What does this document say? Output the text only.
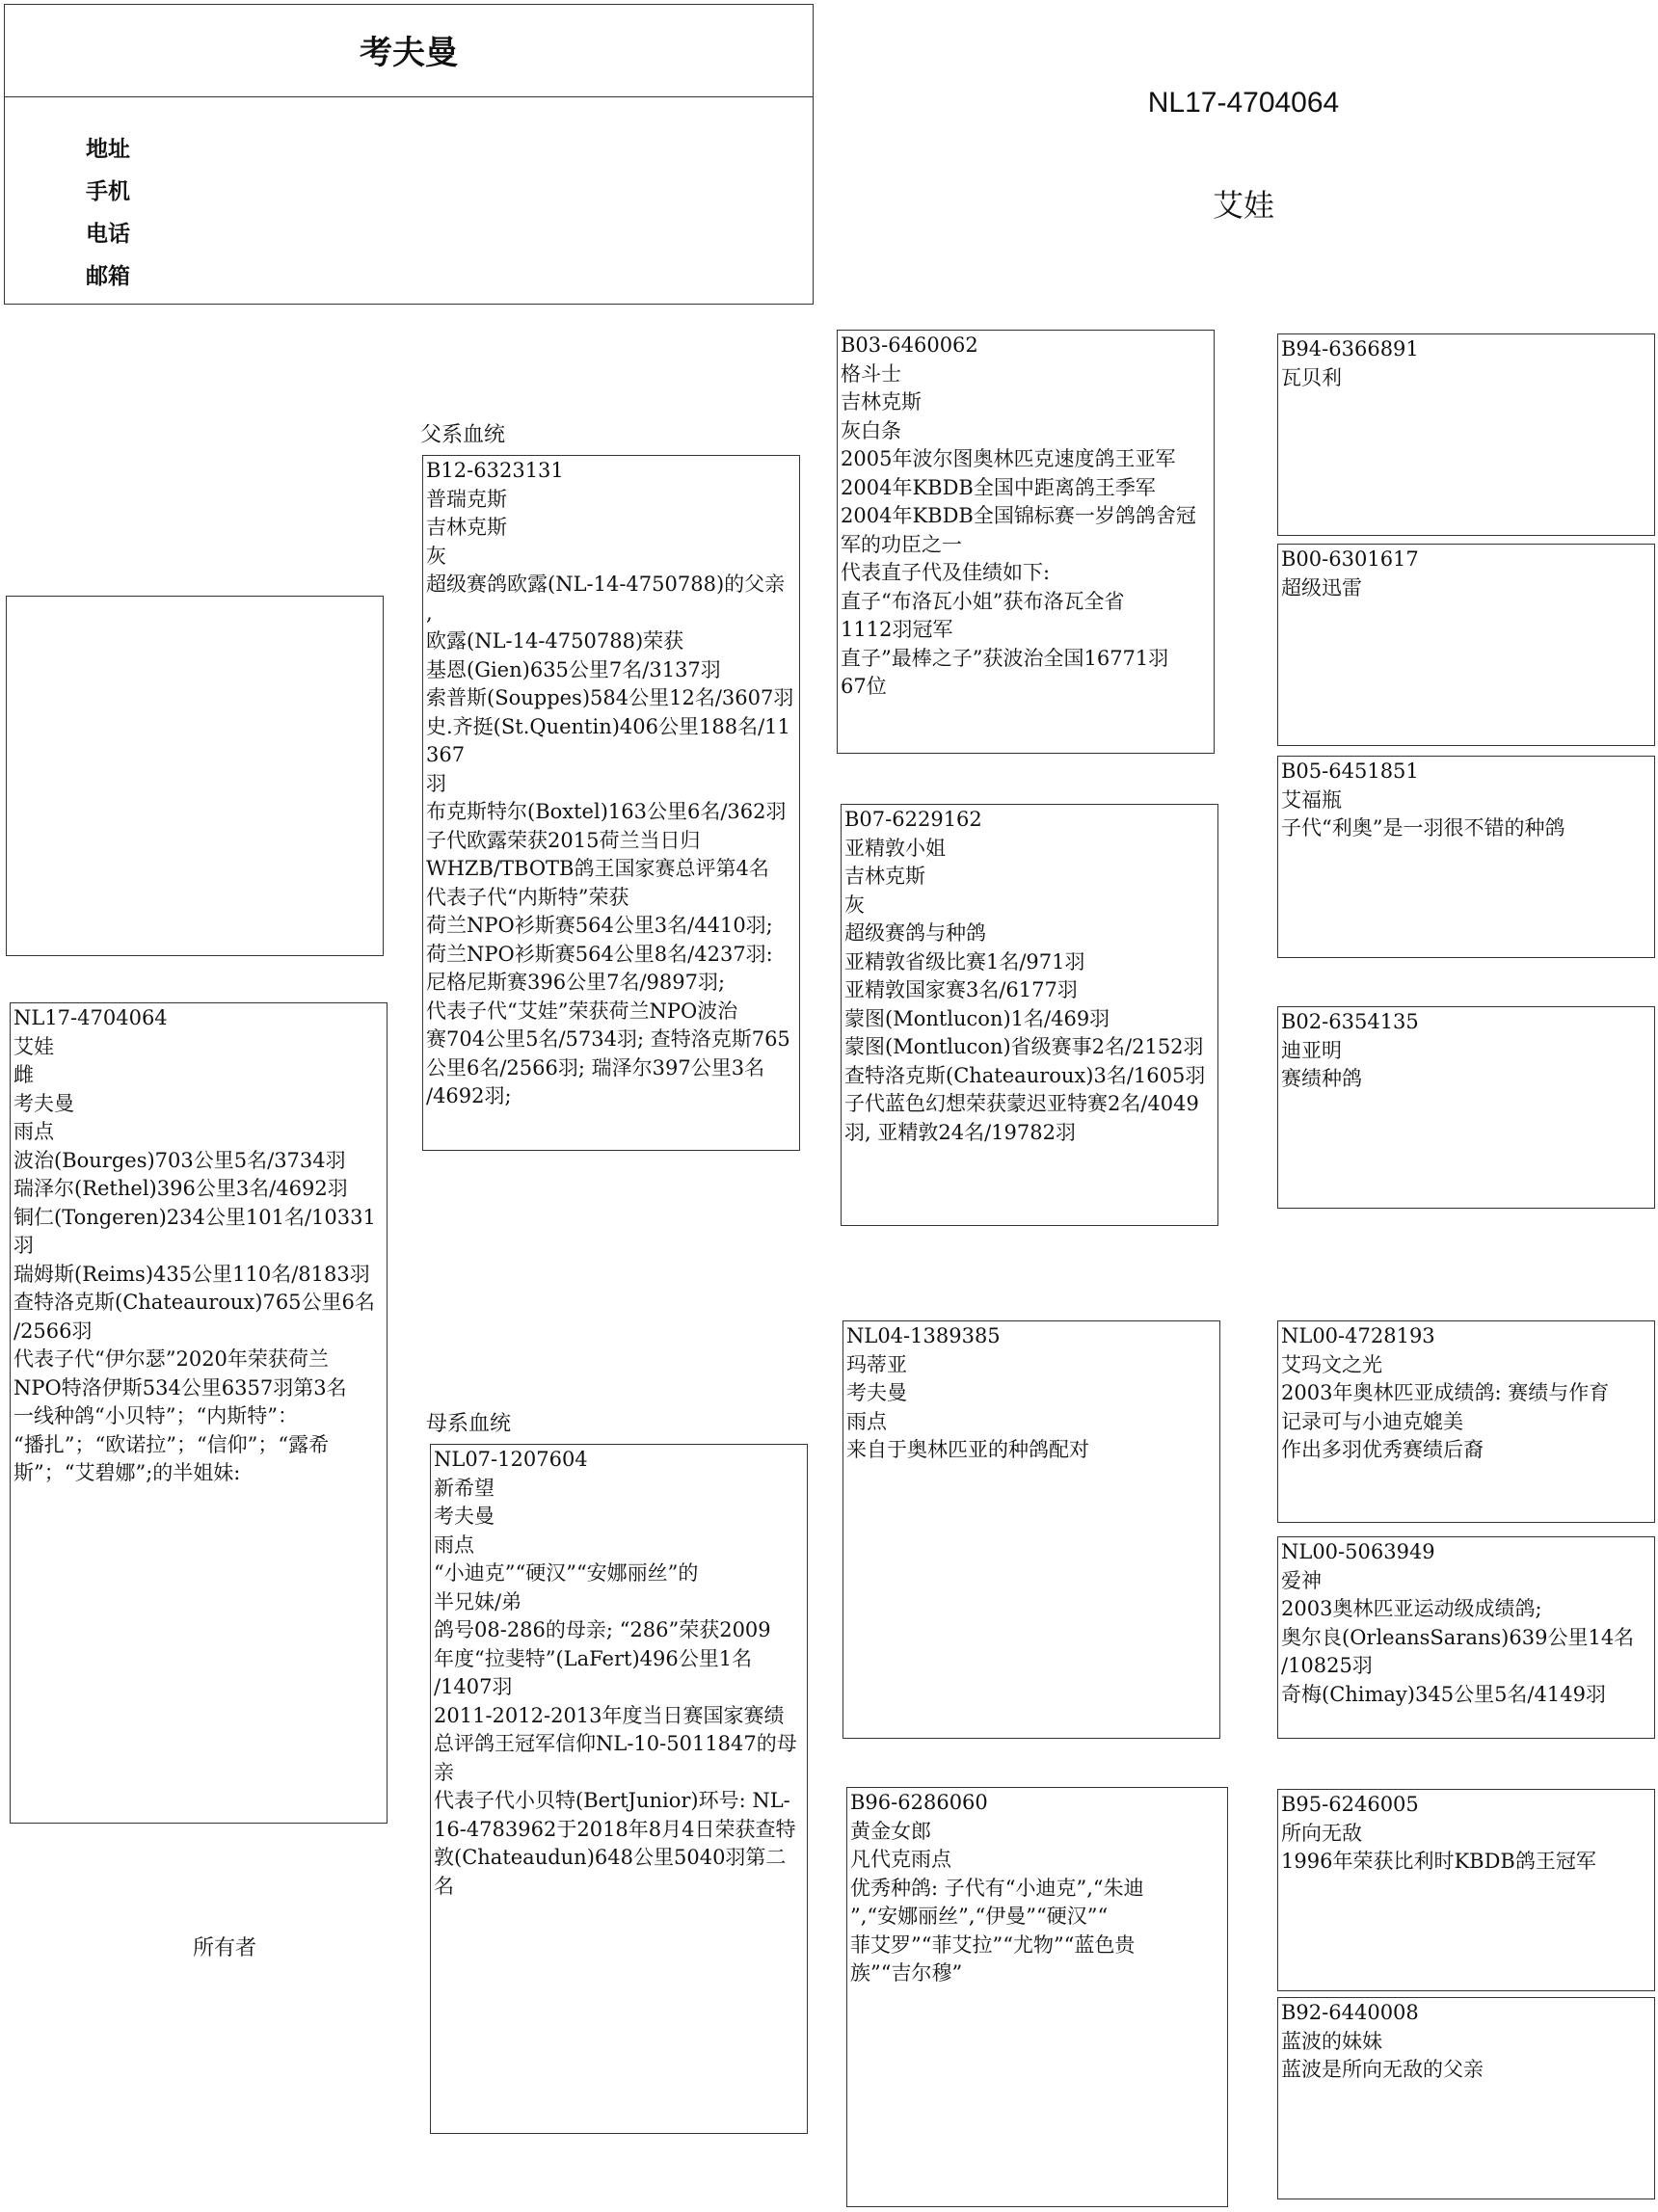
考夫曼
地址
手机
电话
邮箱
NL17-4704064
艾娃
父系血统
母系血统
所有者
NL17-4704064
艾娃
雌
考夫曼
雨点
波治(Bourges)703公里5名/3734羽
瑞泽尔(Rethel)396公里3名/4692羽
铜仁(Tongeren)234公里101名/10331羽
瑞姆斯(Reims)435公里110名/8183羽
查特洛克斯(Chateauroux)765公里6名
/2566羽
代表子代“伊尔瑟”2020年荣获荷兰
NPO特洛伊斯534公里6357羽第3名
一线种鸽“小贝特”；“内斯特”：
“播扎”；“欧诺拉”；“信仰”；“露希
斯”；“艾碧娜”;的半姐妹:
B12-6323131
普瑞克斯
吉林克斯
灰
超级赛鸽欧露(NL-14-4750788)的父亲
,
欧露(NL-14-4750788)荣获
基恩(Gien)635公里7名/3137羽
索普斯(Souppes)584公里12名/3607羽
史.齐挺(St.Quentin)406公里188名/11367
羽
布克斯特尔(Boxtel)163公里6名/362羽
子代欧露荣获2015荷兰当日归
WHZB/TBOTB鸽王国家赛总评第4名
代表子代“内斯特”荣获
荷兰NPO衫斯赛564公里3名/4410羽;
荷兰NPO衫斯赛564公里8名/4237羽:
尼格尼斯赛396公里7名/9897羽;
代表子代“艾娃”荣获荷兰NPO波治
赛704公里5名/5734羽; 查特洛克斯765
公里6名/2566羽; 瑞泽尔397公里3名
/4692羽;
NL07-1207604
新希望
考夫曼
雨点
“小迪克”“硬汉”“安娜丽丝”的
半兄妹/弟
鸽号08-286的母亲; “286”荣获2009
年度“拉斐特”(LaFert)496公里1名
/1407羽
2011-2012-2013年度当日赛国家赛绩
总评鸽王冠军信仰NL-10-5011847的母
亲
代表子代小贝特(BertJunior)环号: NL-
16-4783962于2018年8月4日荣获查特
敦(Chateaudun)648公里5040羽第二名
B03-6460062
格斗士
吉林克斯
灰白条
2005年波尔图奥林匹克速度鸽王亚军
2004年KBDB全国中距离鸽王季军
2004年KBDB全国锦标赛一岁鸽鸽舍冠
军的功臣之一
代表直子代及佳绩如下:
直子“布洛瓦小姐”获布洛瓦全省
1112羽冠军
直子”最棒之子”获波治全国16771羽
67位
B07-6229162
亚精敦小姐
吉林克斯
灰
超级赛鸽与种鸽
亚精敦省级比赛1名/971羽
亚精敦国家赛3名/6177羽
蒙图(Montlucon)1名/469羽
蒙图(Montlucon)省级赛事2名/2152羽
查特洛克斯(Chateauroux)3名/1605羽
子代蓝色幻想荣获蒙迟亚特赛2名/4049
羽, 亚精敦24名/19782羽
NL04-1389385
玛蒂亚
考夫曼
雨点
来自于奥林匹亚的种鸽配对
B96-6286060
黄金女郎
凡代克雨点
优秀种鸽: 子代有“小迪克”,“朱迪
”,“安娜丽丝”,“伊曼”“硬汉”“
菲艾罗”“菲艾拉”“尤物”“蓝色贵
族”“吉尔穆”
B94-6366891
瓦贝利
B00-6301617
超级迅雷
B05-6451851
艾福瓶
子代“利奥”是一羽很不错的种鸽
B02-6354135
迪亚明
赛绩种鸽
NL00-4728193
艾玛文之光
2003年奥林匹亚成绩鸽: 赛绩与作育
记录可与小迪克媲美
作出多羽优秀赛绩后裔
NL00-5063949
爱神
2003奥林匹亚运动级成绩鸽;
奥尔良(OrleansSarans)639公里14名
/10825羽
奇梅(Chimay)345公里5名/4149羽
B95-6246005
所向无敌
1996年荣获比利时KBDB鸽王冠军
B92-6440008
蓝波的妹妹
蓝波是所向无敌的父亲
